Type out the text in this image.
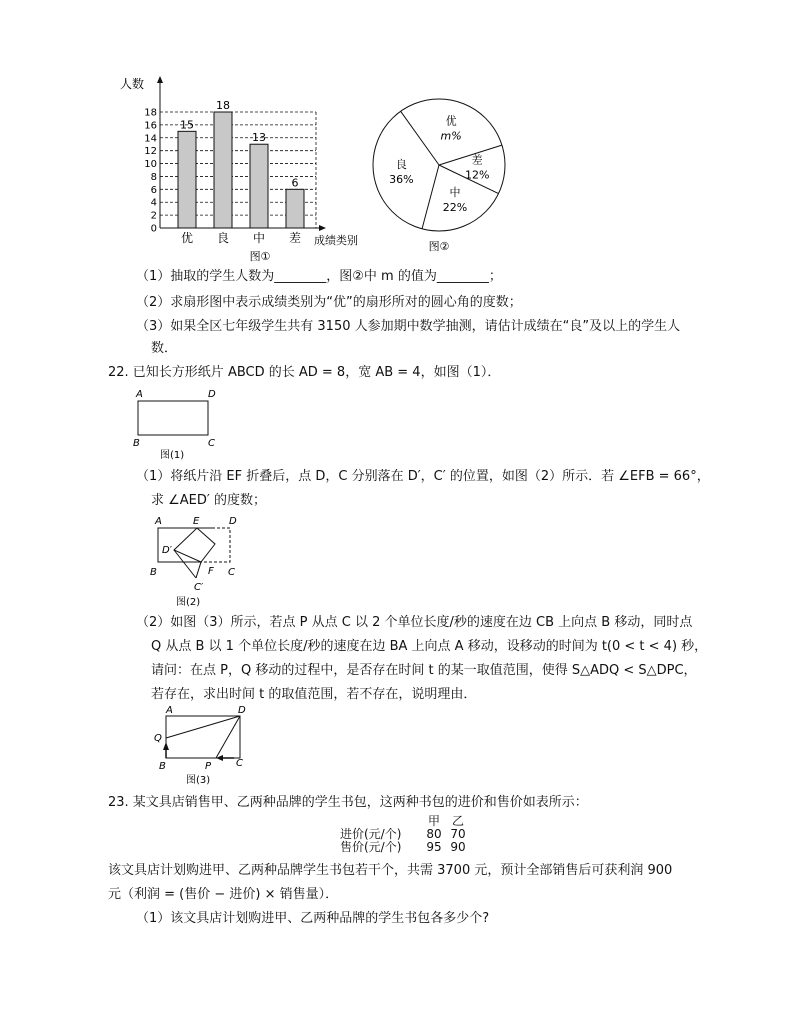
人数
成绩类别
0
2
4
6
8
10
12
14
16
18
15
优
18
良
13
中
6
差
图①
优
m%
差
12%
中
22%
良
36%
图②
（1）抽取的学生人数为________，图②中 m 的值为________；
（2）求扇形图中表示成绩类别为“优”的扇形所对的圆心角的度数；
（3）如果全区七年级学生共有 3150 人参加期中数学抽测，请估计成绩在“良”及以上的学生人
数．
22. 已知长方形纸片 ABCD 的长 AD = 8，宽 AB = 4，如图（1）．
A	D
B	C
图(1)
（1）将纸片沿 EF 折叠后，点 D，C 分别落在 D′，C′ 的位置，如图（2）所示．若 ∠EFB = 66°，
求 ∠AED′ 的度数；
A	E	D
D′
B	F C
C′
图(2)
（2）如图（3）所示，若点 P 从点 C 以 2 个单位长度/秒的速度在边 CB 上向点 B 移动，同时点
Q 从点 B 以 1 个单位长度/秒的速度在边 BA 上向点 A 移动，设移动的时间为 t(0 < t < 4) 秒，
请问：在点 P，Q 移动的过程中，是否存在时间 t 的某一取值范围，使得 S△ADQ < S△DPC，
若存在，求出时间 t 的取值范围，若不存在，说明理由．
A	D
Q
B	P C
图(3)
23. 某文具店销售甲、乙两种品牌的学生书包，这两种书包的进价和售价如表所示：
甲 乙
进价(元/个)	80 70
售价(元/个)	95 90
该文具店计划购进甲、乙两种品牌学生书包若干个，共需 3700 元，预计全部销售后可获利润 900
元（利润 = (售价 − 进价) × 销售量）．
（1）该文具店计划购进甲、乙两种品牌的学生书包各多少个?
